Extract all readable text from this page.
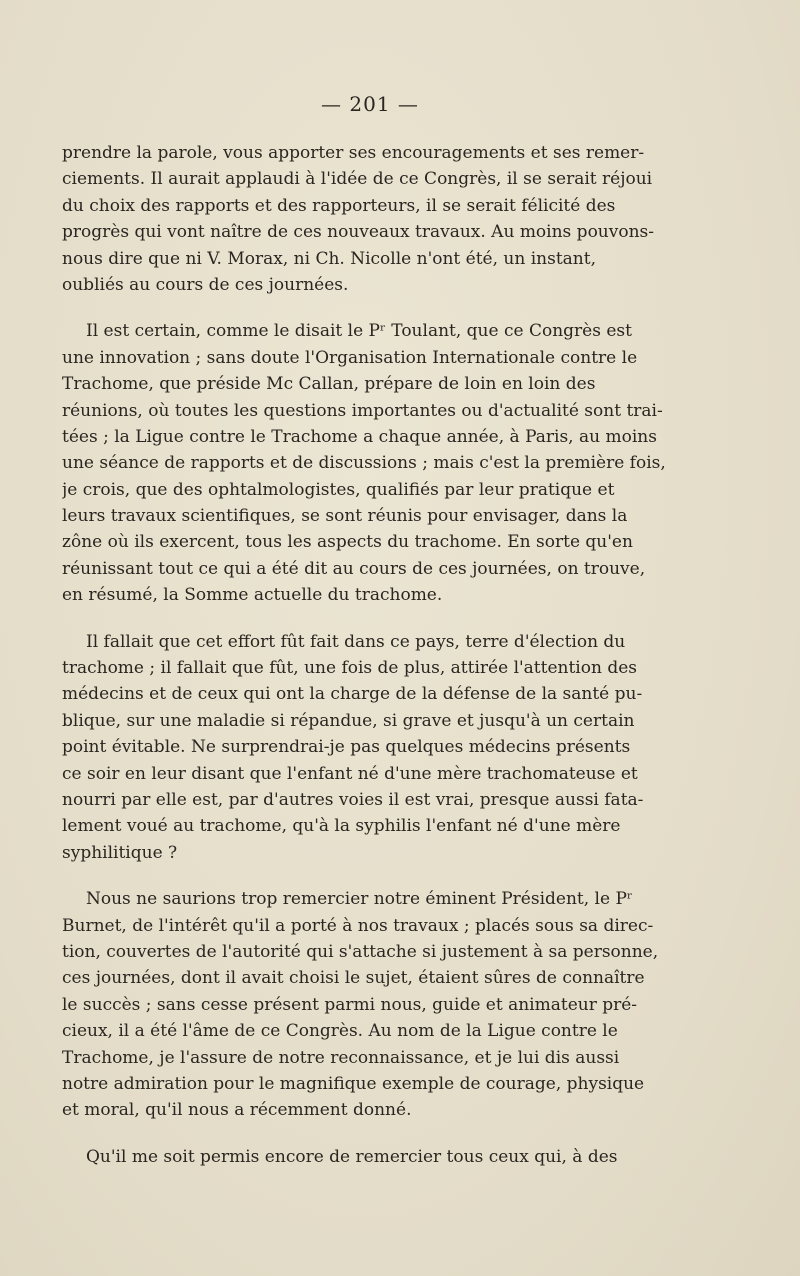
— 201 —

prendre la parole, vous apporter ses encouragements et ses remer-
ciements. Il aurait applaudi à l'idée de ce Congrès, il se serait réjoui
du choix des rapports et des rapporteurs, il se serait félicité des
progrès qui vont naître de ces nouveaux travaux. Au moins pouvons-
nous dire que ni V. Morax, ni Ch. Nicolle n'ont été, un instant,
oubliés au cours de ces journées.

Il est certain, comme le disait le Pʳ Toulant, que ce Congrès est
une innovation ; sans doute l'Organisation Internationale contre le
Trachome, que préside Mc Callan, prépare de loin en loin des
réunions, où toutes les questions importantes ou d'actualité sont trai-
tées ; la Ligue contre le Trachome a chaque année, à Paris, au moins
une séance de rapports et de discussions ; mais c'est la première fois,
je crois, que des ophtalmologistes, qualifiés par leur pratique et
leurs travaux scientifiques, se sont réunis pour envisager, dans la
zône où ils exercent, tous les aspects du trachome. En sorte qu'en
réunissant tout ce qui a été dit au cours de ces journées, on trouve,
en résumé, la Somme actuelle du trachome.

Il fallait que cet effort fût fait dans ce pays, terre d'élection du
trachome ; il fallait que fût, une fois de plus, attirée l'attention des
médecins et de ceux qui ont la charge de la défense de la santé pu-
blique, sur une maladie si répandue, si grave et jusqu'à un certain
point évitable. Ne surprendrai-je pas quelques médecins présents
ce soir en leur disant que l'enfant né d'une mère trachomateuse et
nourri par elle est, par d'autres voies il est vrai, presque aussi fata-
lement voué au trachome, qu'à la syphilis l'enfant né d'une mère
syphilitique ?

Nous ne saurions trop remercier notre éminent Président, le Pʳ
Burnet, de l'intérêt qu'il a porté à nos travaux ; placés sous sa direc-
tion, couvertes de l'autorité qui s'attache si justement à sa personne,
ces journées, dont il avait choisi le sujet, étaient sûres de connaître
le succès ; sans cesse présent parmi nous, guide et animateur pré-
cieux, il a été l'âme de ce Congrès. Au nom de la Ligue contre le
Trachome, je l'assure de notre reconnaissance, et je lui dis aussi
notre admiration pour le magnifique exemple de courage, physique
et moral, qu'il nous a récemment donné.

Qu'il me soit permis encore de remercier tous ceux qui, à des
